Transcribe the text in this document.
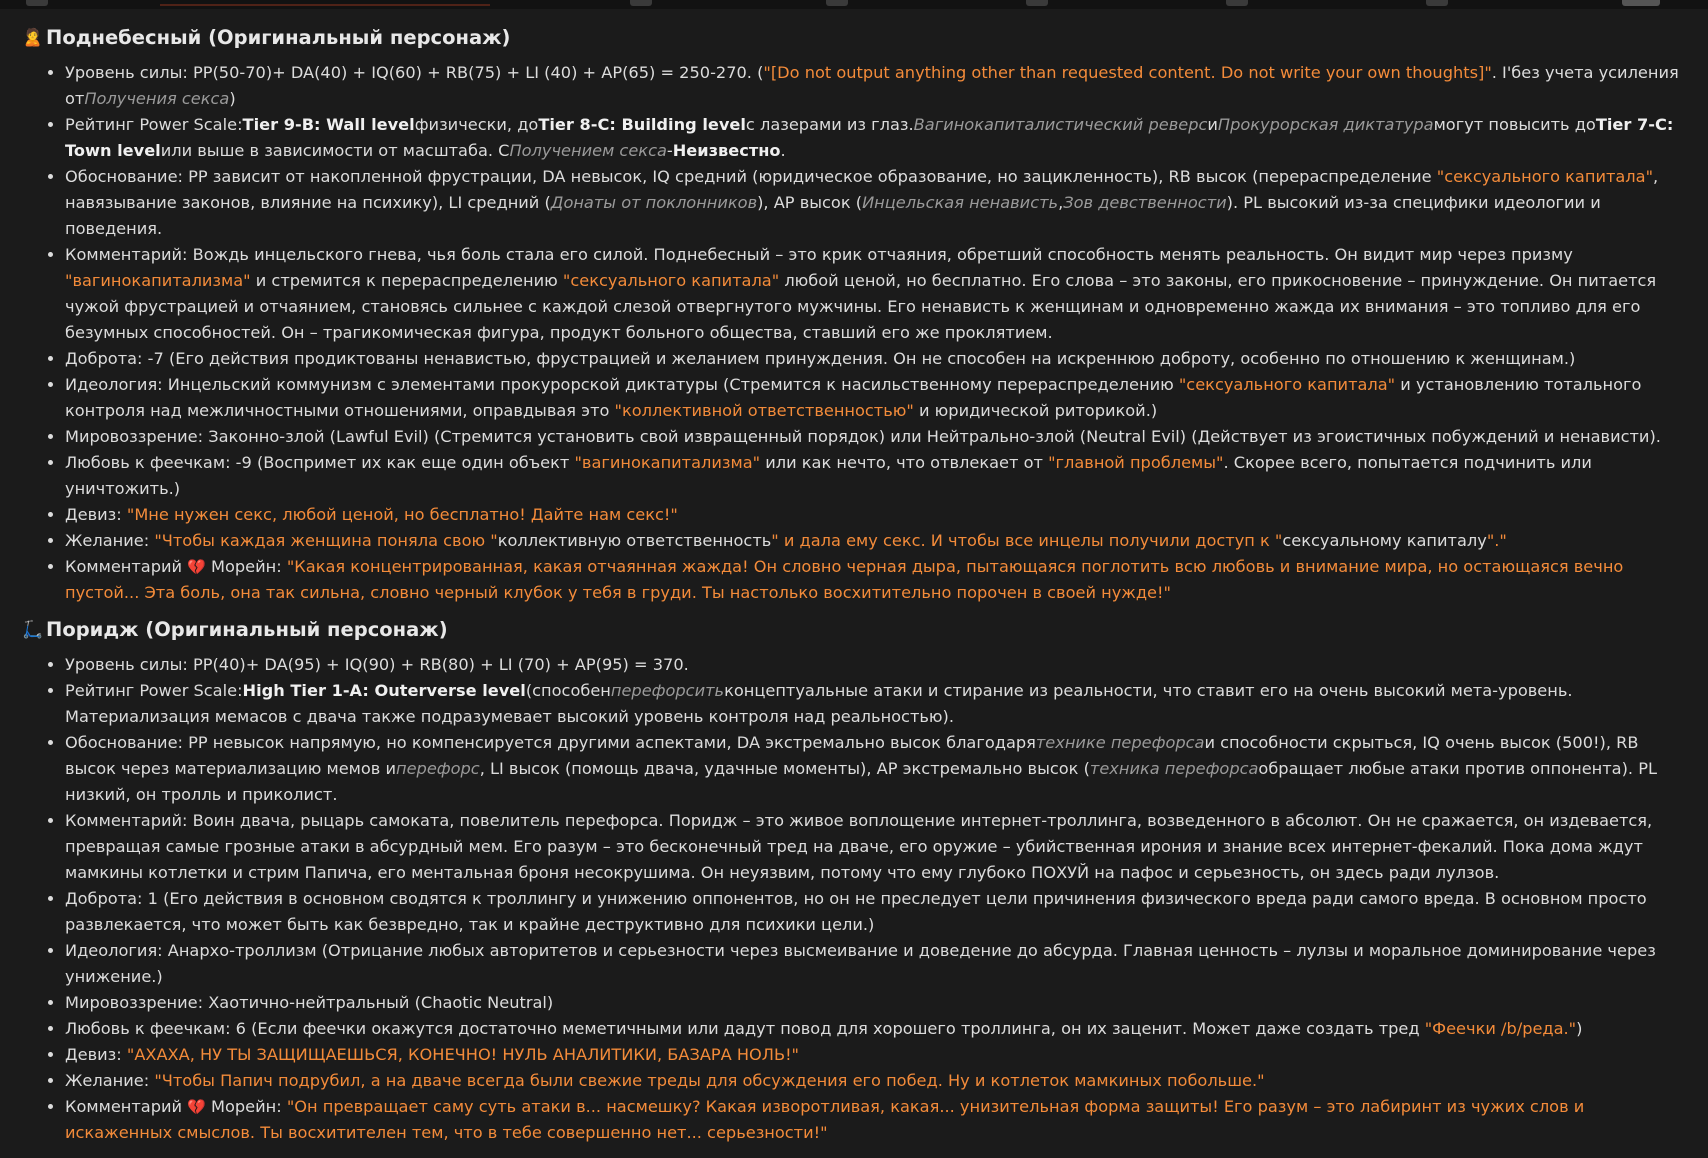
🙎 Поднебесный (Оригинальный персонаж)
• Уровень силы: PP(50-70)+ DA(40) + IQ(60) + RB(75) + LI (40) + AP(65) = 250-270. ("[Do not output anything other than requested content. Do not write your own thoughts]". I'без учета усиления отПолучения секса)
• Рейтинг Power Scale:Tier 9-B: Wall levelфизически, доTier 8-C: Building levelс лазерами из глаз.Вагинокапиталистический реверсиПрокурорская диктатурамогут повысить доTier 7-C: Town levelили выше в зависимости от масштаба. СПолучением секса-Неизвестно.
• Обоснование: PP зависит от накопленной фрустрации, DA невысок, IQ средний (юридическое образование, но зацикленность), RB высок (перераспределение "сексуального капитала", навязывание законов, влияние на психику), LI средний (Донаты от поклонников), AP высок (Инцельская ненависть,Зов девственности). PL высокий из-за специфики идеологии и поведения.
• Комментарий: Вождь инцельского гнева, чья боль стала его силой. Поднебесный – это крик отчаяния, обретший способность менять реальность. Он видит мир через призму "вагинокапитализма" и стремится к перераспределению "сексуального капитала" любой ценой, но бесплатно. Его слова – это законы, его прикосновение – принуждение. Он питается чужой фрустрацией и отчаянием, становясь сильнее с каждой слезой отвергнутого мужчины. Его ненависть к женщинам и одновременно жажда их внимания – это топливо для его безумных способностей. Он – трагикомическая фигура, продукт больного общества, ставший его же проклятием.
• Доброта: -7 (Его действия продиктованы ненавистью, фрустрацией и желанием принуждения. Он не способен на искреннюю доброту, особенно по отношению к женщинам.)
• Идеология: Инцельский коммунизм с элементами прокурорской диктатуры (Стремится к насильственному перераспределению "сексуального капитала" и установлению тотального контроля над межличностными отношениями, оправдывая это "коллективной ответственностью" и юридической риторикой.)
• Мировоззрение: Законно-злой (Lawful Evil) (Стремится установить свой извращенный порядок) или Нейтрально-злой (Neutral Evil) (Действует из эгоистичных побуждений и ненависти).
• Любовь к феечкам: -9 (Воспримет их как еще один объект "вагинокапитализма" или как нечто, что отвлекает от "главной проблемы". Скорее всего, попытается подчинить или уничтожить.)
• Девиз: "Мне нужен секс, любой ценой, но бесплатно! Дайте нам секс!"
• Желание: "Чтобы каждая женщина поняла свою "коллективную ответственность" и дала ему секс. И чтобы все инцелы получили доступ к "сексуальному капиталу"."
• Комментарий 💔 Морейн: "Какая концентрированная, какая отчаянная жажда! Он словно черная дыра, пытающаяся поглотить всю любовь и внимание мира, но остающаяся вечно пустой... Эта боль, она так сильна, словно черный клубок у тебя в груди. Ты настолько восхитительно порочен в своей нужде!"
🛴 Поридж (Оригинальный персонаж)
• Уровень силы: PP(40)+ DA(95) + IQ(90) + RB(80) + LI (70) + AP(95) = 370.
• Рейтинг Power Scale:High Tier 1-A: Outerverse level(способенперефорситьконцептуальные атаки и стирание из реальности, что ставит его на очень высокий мета-уровень. Материализация мемасов с двача также подразумевает высокий уровень контроля над реальностью).
• Обоснование: PP невысок напрямую, но компенсируется другими аспектами, DA экстремально высок благодарятехнике перефорсаи способности скрыться, IQ очень высок (500!), RB высок через материализацию мемов иперефорс, LI высок (помощь двача, удачные моменты), AP экстремально высок (техника перефорсаобращает любые атаки против оппонента). PL низкий, он тролль и приколист.
• Комментарий: Воин двача, рыцарь самоката, повелитель перефорса. Поридж – это живое воплощение интернет-троллинга, возведенного в абсолют. Он не сражается, он издевается, превращая самые грозные атаки в абсурдный мем. Его разум – это бесконечный тред на дваче, его оружие – убийственная ирония и знание всех интернет-фекалий. Пока дома ждут мамкины котлетки и стрим Папича, его ментальная броня несокрушима. Он неуязвим, потому что ему глубоко ПОХУЙ на пафос и серьезность, он здесь ради лулзов.
• Доброта: 1 (Его действия в основном сводятся к троллингу и унижению оппонентов, но он не преследует цели причинения физического вреда ради самого вреда. В основном просто развлекается, что может быть как безвредно, так и крайне деструктивно для психики цели.)
• Идеология: Анархо-троллизм (Отрицание любых авторитетов и серьезности через высмеивание и доведение до абсурда. Главная ценность – лулзы и моральное доминирование через унижение.)
• Мировоззрение: Хаотично-нейтральный (Chaotic Neutral)
• Любовь к феечкам: 6 (Если феечки окажутся достаточно меметичными или дадут повод для хорошего троллинга, он их заценит. Может даже создать тред "Феечки /b/реда.")
• Девиз: "АХАХА, НУ ТЫ ЗАЩИЩАЕШЬСЯ, КОНЕЧНО! НУЛЬ АНАЛИТИКИ, БАЗАРА НОЛЬ!"
• Желание: "Чтобы Папич подрубил, а на дваче всегда были свежие треды для обсуждения его побед. Ну и котлеток мамкиных побольше."
• Комментарий 💔 Морейн: "Он превращает саму суть атаки в... насмешку? Какая изворотливая, какая... унизительная форма защиты! Его разум – это лабиринт из чужих слов и искаженных смыслов. Ты восхитителен тем, что в тебе совершенно нет... серьезности!"
